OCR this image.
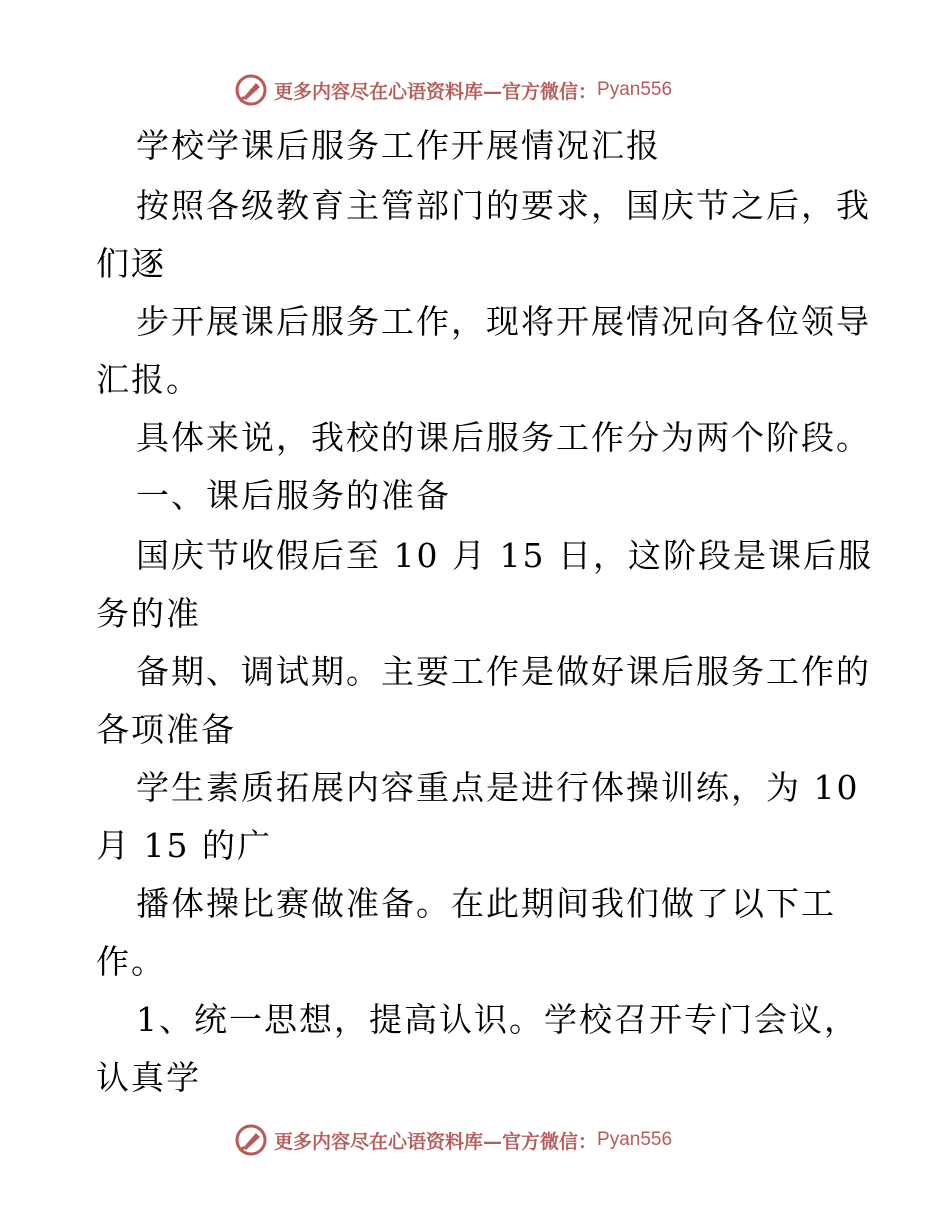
更多内容尽在心语资料库—官方微信： Pyan556
学校学课后服务工作开展情况汇报
按照各级教育主管部门的要求，国庆节之后，我
们逐
步开展课后服务工作，现将开展情况向各位领导
汇报。
具体来说，我校的课后服务工作分为两个阶段。
一、课后服务的准备
国庆节收假后至 10 月 15 日，这阶段是课后服
务的准
备期、调试期。主要工作是做好课后服务工作的
各项准备
学生素质拓展内容重点是进行体操训练，为 10
月 15 的广
播体操比赛做准备。在此期间我们做了以下工
作。
1、统一思想，提高认识。学校召开专门会议，
认真学
更多内容尽在心语资料库—官方微信： Pyan556
